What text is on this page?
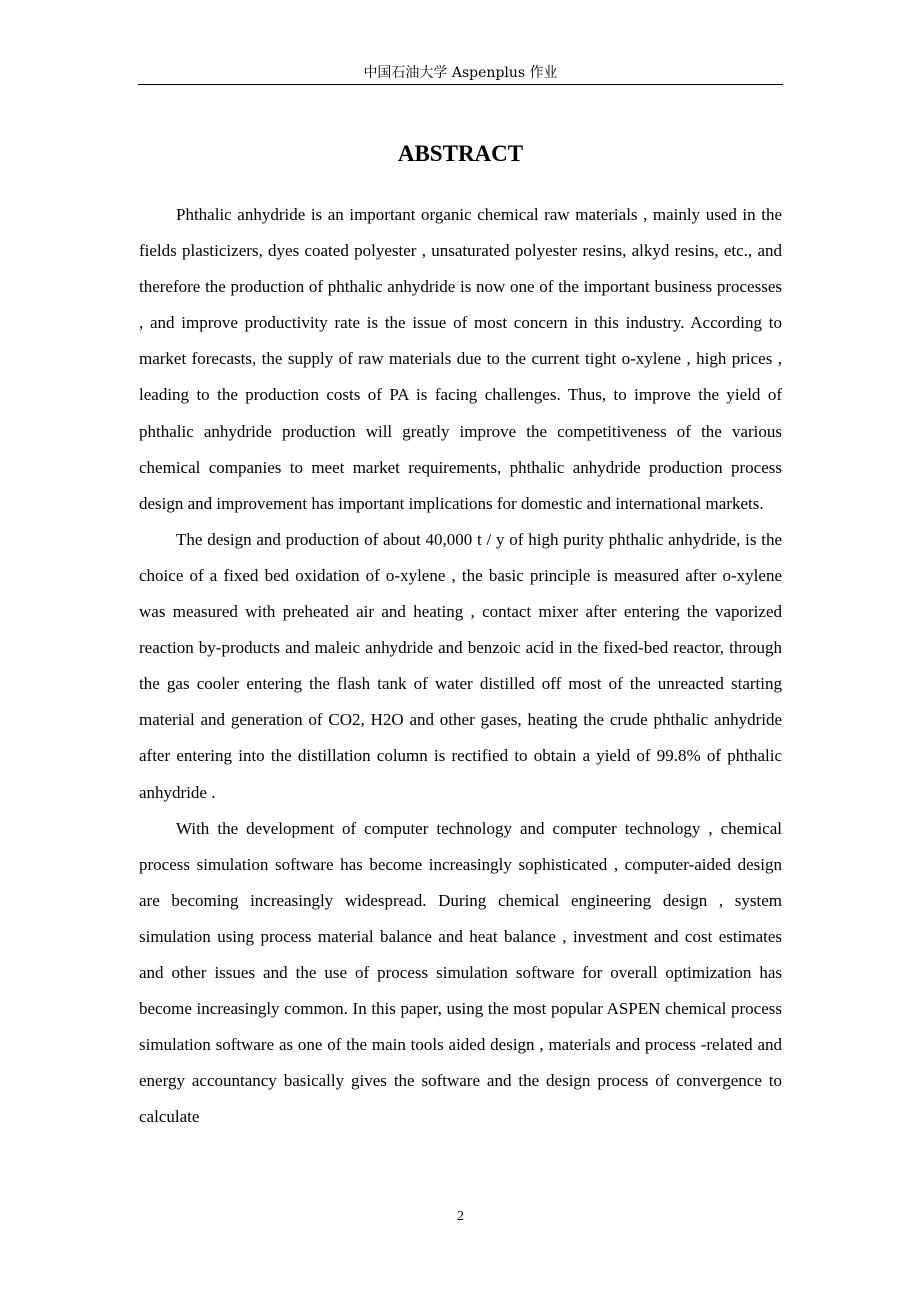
中国石油大学 Aspenplus 作业
ABSTRACT

Phthalic anhydride is an important organic chemical raw materials , mainly used in the fields plasticizers, dyes coated polyester , unsaturated polyester resins, alkyd resins, etc., and therefore the production of phthalic anhydride is now one of the important business processes , and improve productivity rate is the issue of most concern in this industry. According to market forecasts, the supply of raw materials due to the current tight o-xylene , high prices , leading to the production costs of PA is facing challenges. Thus, to improve the yield of phthalic anhydride production will greatly improve the competitiveness of the various chemical companies to meet market requirements, phthalic anhydride production process design and improvement has important implications for domestic and international markets.

The design and production of about 40,000 t / y of high purity phthalic anhydride, is the choice of a fixed bed oxidation of o-xylene , the basic principle is measured after o-xylene was measured with preheated air and heating , contact mixer after entering the vaporized reaction by-products and maleic anhydride and benzoic acid in the fixed-bed reactor, through the gas cooler entering the flash tank of water distilled off most of the unreacted starting material and generation of CO2, H2O and other gases, heating the crude phthalic anhydride after entering into the distillation column is rectified to obtain a yield of 99.8% of phthalic anhydride .

With the development of computer technology and computer technology , chemical process simulation software has become increasingly sophisticated , computer-aided design are becoming increasingly widespread. During chemical engineering design , system simulation using process material balance and heat balance , investment and cost estimates and other issues and the use of process simulation software for overall optimization has become increasingly common. In this paper, using the most popular ASPEN chemical process simulation software as one of the main tools aided design , materials and process -related and energy accountancy basically gives the software and the design process of convergence to calculate

2
